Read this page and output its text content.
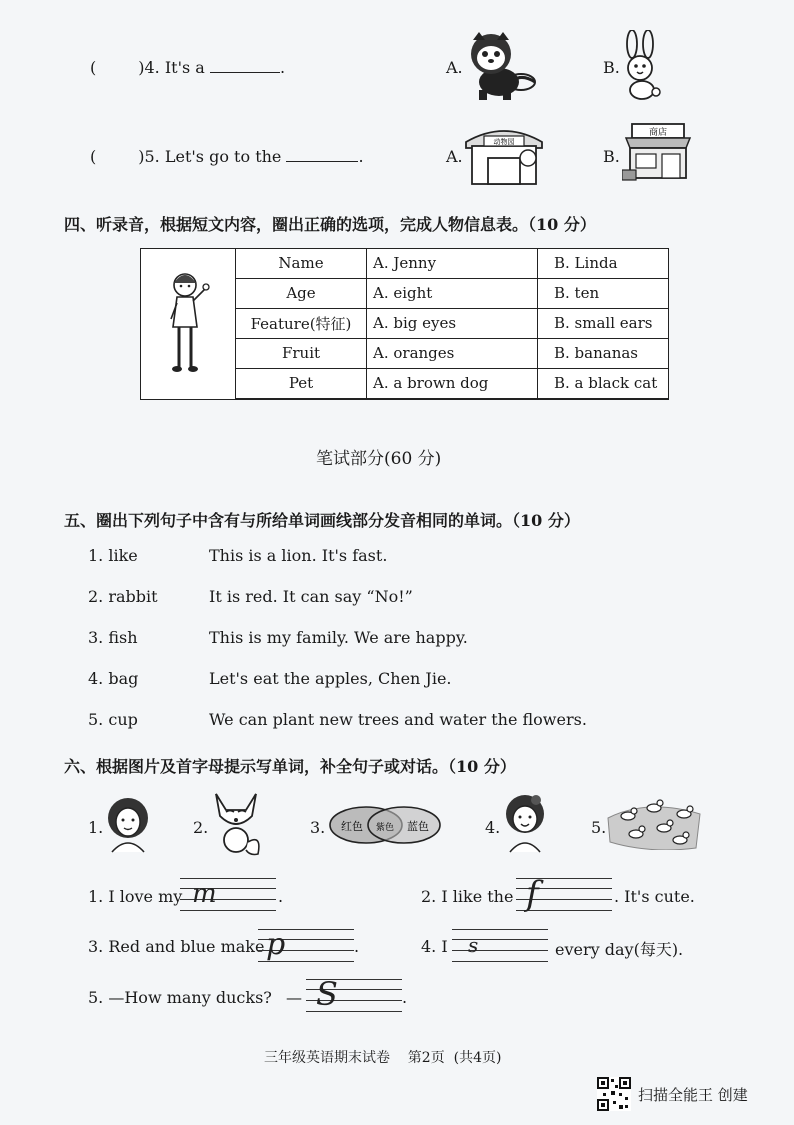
(	)4. It's a	.	A.	B.
(	)5. Let's go to the	.	A.
动物园
B.
商店
四、听录音，根据短文内容，圈出正确的选项，完成人物信息表。（10 分）
Name	A. Jenny	B. Linda
Age	A. eight	B. ten
Feature(特征)	A. big eyes	B. small ears
Fruit	A. oranges	B. bananas
Pet	A. a brown dog	B. a black cat
笔试部分(60 分)
五、圈出下列句子中含有与所给单词画线部分发音相同的单词。（10 分）
1. like	This is a lion. It's fast.
2. rabbit	It is red. It can say “No!”
3. fish	This is my family. We are happy.
4. bag	Let's eat the apples, Chen Jie.
5. cup	We can plant new trees and water the flowers.
六、根据图片及首字母提示写单词，补全句子或对话。（10 分）
1.	2.	3. 红色 紫色 蓝色	4.	5.
1. I love my m	.	2. I like the f	. It's cute.
3. Red and blue make p	.	4. I s	every day(每天).
5. —How many ducks? — S	.
三年级英语期末试卷    第2页  (共4页)
扫描全能王 创建
